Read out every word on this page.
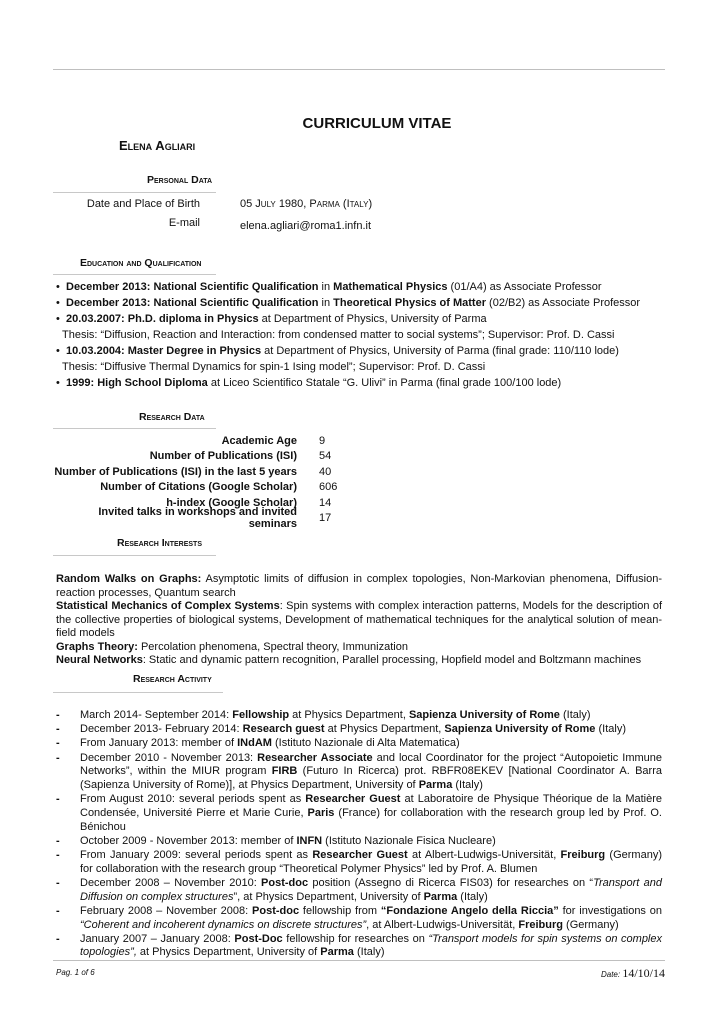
CURRICULUM VITAE
Elena Agliari
Personal Data
Date and Place of Birth	05 July 1980, Parma (Italy)
E-mail	elena.agliari@roma1.infn.it
Education and Qualification
• December 2013: National Scientific Qualification in Mathematical Physics (01/A4) as Associate Professor
• December 2013: National Scientific Qualification in Theoretical Physics of Matter (02/B2) as Associate Professor
• 20.03.2007: Ph.D. diploma in Physics at Department of Physics, University of Parma
Thesis: “Diffusion, Reaction and Interaction: from condensed matter to social systems”; Supervisor: Prof. D. Cassi
• 10.03.2004: Master Degree in Physics at Department of Physics, University of Parma (final grade: 110/110 lode)
Thesis: “Diffusive Thermal Dynamics for spin-1 Ising model”; Supervisor: Prof. D. Cassi
• 1999: High School Diploma at Liceo Scientifico Statale “G. Ulivi” in Parma (final grade 100/100 lode)
Research Data
Academic Age 9
Number of Publications (ISI) 54
Number of Publications (ISI) in the last 5 years 40
Number of Citations (Google Scholar) 606
h-index (Google Scholar) 14
Invited talks in workshops and invited seminars 17
Research Interests
Random Walks on Graphs: Asymptotic limits of diffusion in complex topologies, Non-Markovian phenomena, Diffusion-reaction processes, Quantum search
Statistical Mechanics of Complex Systems: Spin systems with complex interaction patterns, Models for the description of the collective properties of biological systems, Development of mathematical techniques for the analytical solution of mean-field models
Graphs Theory: Percolation phenomena, Spectral theory, Immunization
Neural Networks: Static and dynamic pattern recognition, Parallel processing, Hopfield model and Boltzmann machines
Research Activity
-	March 2014- September 2014: Fellowship at Physics Department, Sapienza University of Rome (Italy)
-	December 2013- February 2014: Research guest at Physics Department, Sapienza University of Rome (Italy)
-	From January 2013: member of INdAM (Istituto Nazionale di Alta Matematica)
-	December 2010 - November 2013: Researcher Associate and local Coordinator for the project “Autopoietic Immune Networks”, within the MIUR program FIRB (Futuro In Ricerca) prot. RBFR08EKEV [National Coordinator A. Barra (Sapienza University of Rome)], at Physics Department, University of Parma (Italy)
-	From August 2010: several periods spent as Researcher Guest at Laboratoire de Physique Théorique de la Matière Condensée, Université Pierre et Marie Curie, Paris (France) for collaboration with the research group led by Prof. O. Bénichou
-	October 2009 - November 2013: member of INFN (Istituto Nazionale Fisica Nucleare)
-	From January 2009: several periods spent as Researcher Guest at Albert-Ludwigs-Universität, Freiburg (Germany) for collaboration with the research group “Theoretical Polymer Physics” led by Prof. A. Blumen
-	December 2008 – November 2010: Post-doc position (Assegno di Ricerca FIS03) for researches on “Transport and Diffusion on complex structures”, at Physics Department, University of Parma (Italy)
-	February 2008 – November 2008: Post-doc fellowship from “Fondazione Angelo della Riccia” for investigations on “Coherent and incoherent dynamics on discrete structures”, at Albert-Ludwigs-Universität, Freiburg (Germany)
-	January 2007 – January 2008: Post-Doc fellowship for researches on “Transport models for spin systems on complex topologies”, at Physics Department, University of Parma (Italy)
Pag. 1 of 6	Date: 14/10/14
